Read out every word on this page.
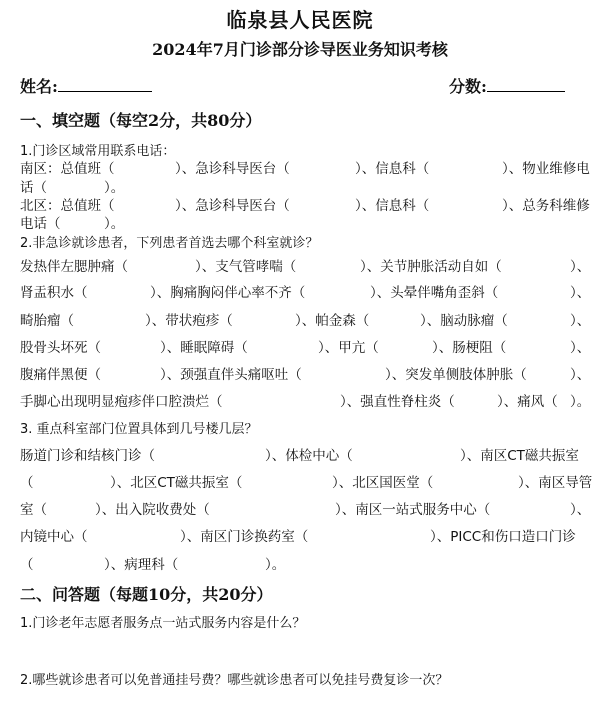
临泉县人民医院
2024年7月门诊部分诊导医业务知识考核
姓名:	分数:
一、填空题（每空2分，共80分）
1.门诊区域常用联系电话：
南区：总值班（	）、急诊科导医台（	）、信息科（	）、物业维修电
话（	）。
北区：总值班（	）、急诊科导医台（	）、信息科（	）、总务科维修
电话（	）。
2.非急诊就诊患者，下列患者首选去哪个科室就诊？
发热伴左腮肿痛（	）、支气管哮喘（	）、关节肿胀活动自如（	）、
肾盂积水（	）、胸痛胸闷伴心率不齐（	）、头晕伴嘴角歪斜（	）、
畸胎瘤（	）、带状疱疹（	）、帕金森（	）、脑动脉瘤（	）、
股骨头坏死（	）、睡眠障碍（	）、甲亢（	）、肠梗阻（	）、
腹痛伴黑便（	）、颈强直伴头痛呕吐（	）、突发单侧肢体肿胀（	）、
手脚心出现明显疱疹伴口腔溃烂（	）、强直性脊柱炎（	）、痛风（ ）。
3. 重点科室部门位置具体到几号楼几层？
肠道门诊和结核门诊（	）、体检中心（	）、南区CT磁共振室
（	）、北区CT磁共振室（	）、北区国医堂（	）、南区导管
室（	）、出入院收费处（	）、南区一站式服务中心（	）、
内镜中心（	）、南区门诊换药室（	）、PICC和伤口造口门诊
（	）、病理科（	）。
二、问答题（每题10分，共20分）
1.门诊老年志愿者服务点一站式服务内容是什么？
2.哪些就诊患者可以免普通挂号费？哪些就诊患者可以免挂号费复诊一次？
